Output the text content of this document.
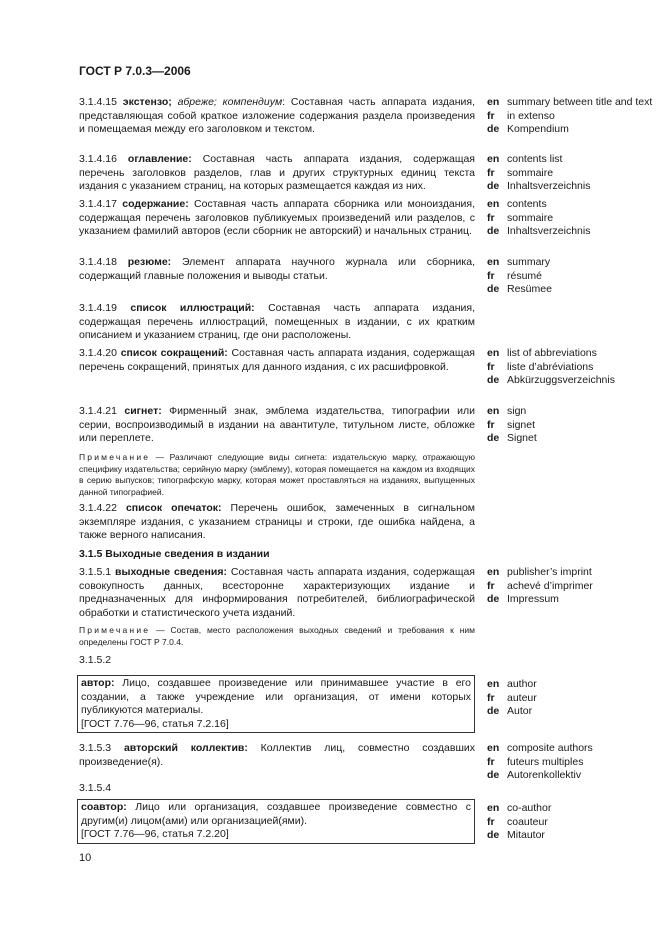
ГОСТ Р 7.0.3—2006
3.1.4.15 экстензо; абреже; компендиум: Составная часть аппарата издания, представляющая собой краткое изложение содержания раздела произведения и помещаемая между его заголовком и текстом.
en summary between title and text
fr	in extenso
de Kompendium
3.1.4.16 оглавление: Составная часть аппарата издания, содержащая перечень заголовков разделов, глав и других структурных единиц текста издания с указанием страниц, на которых размещается каждая из них.
en contents list
fr	sommaire
de Inhaltsverzeichnis
3.1.4.17 содержание: Составная часть аппарата сборника или моноиздания, содержащая перечень заголовков публикуемых произведений или разделов, с указанием фамилий авторов (если сборник не авторский) и начальных страниц.
en contents
fr	sommaire
de Inhaltsverzeichnis
3.1.4.18 резюме: Элемент аппарата научного журнала или сборника, содержащий главные положения и выводы статьи.
en summary
fr	résumé
de Resümee
3.1.4.19 список иллюстраций: Составная часть аппарата издания, содержащая перечень иллюстраций, помещенных в издании, с их кратким описанием и указанием страниц, где они расположены.
3.1.4.20 список сокращений: Составная часть аппарата издания, содержащая перечень сокращений, принятых для данного издания, с их расшифровкой.
en list of abbreviations
fr	liste d’abréviations
de Abkürzuggsverzeichnis
3.1.4.21 сигнет: Фирменный знак, эмблема издательства, типографии или серии, воспроизводимый в издании на авантитуле, титульном листе, обложке или переплете.
en sign
fr	signet
de Signet
Примечание — Различают следующие виды сигнета: издательскую марку, отражающую специфику издательства; серийную марку (эмблему), которая помещается на каждом из входящих в серию выпусков; типографскую марку, которая может проставляться на изданиях, выпущенных данной типографией.
3.1.4.22 список опечаток: Перечень ошибок, замеченных в сигнальном экземпляре издания, с указанием страницы и строки, где ошибка найдена, а также верного написания.
3.1.5 Выходные сведения в издании
3.1.5.1 выходные сведения: Составная часть аппарата издания, содержащая совокупность данных, всесторонне характеризующих издание и предназначенных для информирования потребителей, библиографической обработки и статистического учета изданий.
en publisher’s imprint
fr	achevé d’imprimer
de Impressum
Примечание — Состав, место расположения выходных сведений и требования к ним определены ГОСТ Р 7.0.4.
3.1.5.2
автор: Лицо, создавшее произведение или принимавшее участие в его создании, а также учреждение или организация, от имени которых публикуются материалы.
[ГОСТ 7.76—96, статья 7.2.16]
en author
fr	auteur
de Autor
3.1.5.3 авторский коллектив: Коллектив лиц, совместно создавших произведение(я).
en composite authors
fr	futeurs multiples
de Autorenkollektiv
3.1.5.4
соавтор: Лицо или организация, создавшее произведение совместно с другим(и) лицом(ами) или организацией(ями).
[ГОСТ 7.76—96, статья 7.2.20]
en co-author
fr	coauteur
de Mitautor
10
